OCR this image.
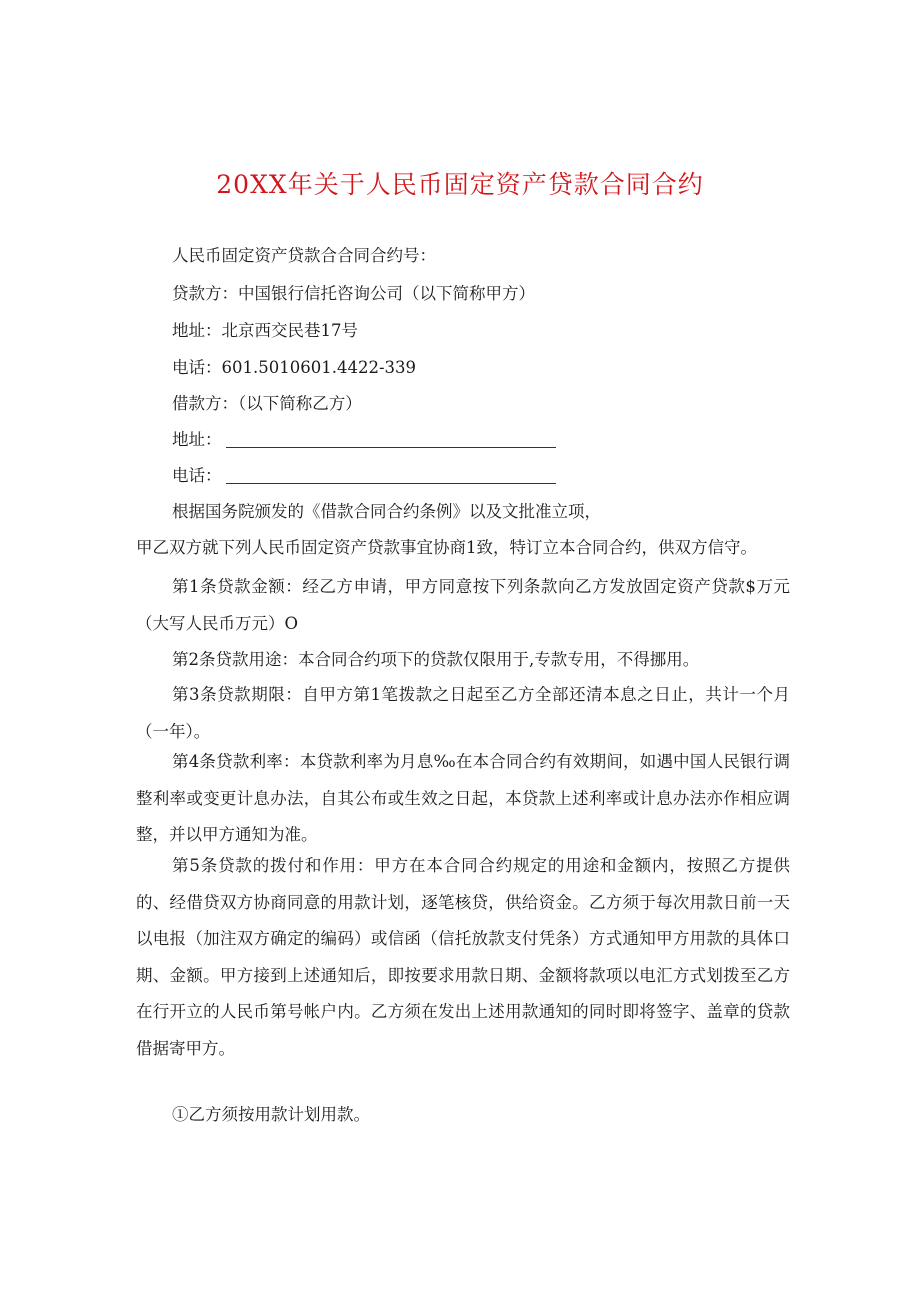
20XX年关于人民币固定资产贷款合同合约
人民币固定资产贷款合合同合约号：
贷款方：中国银行信托咨询公司（以下简称甲方）
地址：北京西交民巷17号
电话：601.5010601.4422-339
借款方：（以下简称乙方）
地址：
电话：
根据国务院颁发的《借款合同合约条例》以及文批准立项，
甲乙双方就下列人民币固定资产贷款事宜协商1致，特订立本合同合约，供双方信守。
第1条贷款金额：经乙方申请，甲方同意按下列条款向乙方发放固定资产贷款$万元（大写人民币万元）O
第2条贷款用途：本合同合约项下的贷款仅限用于,专款专用，不得挪用。
第3条贷款期限：自甲方第1笔拨款之日起至乙方全部还清本息之日止，共计一个月（一年）。
第4条贷款利率：本贷款利率为月息‰在本合同合约有效期间，如遇中国人民银行调整利率或变更计息办法，自其公布或生效之日起，本贷款上述利率或计息办法亦作相应调整，并以甲方通知为准。
第5条贷款的拨付和作用：甲方在本合同合约规定的用途和金额内，按照乙方提供的、经借贷双方协商同意的用款计划，逐笔核贷，供给资金。乙方须于每次用款日前一天以电报（加注双方确定的编码）或信函（信托放款支付凭条）方式通知甲方用款的具体口期、金额。甲方接到上述通知后，即按要求用款日期、金额将款项以电汇方式划拨至乙方在行开立的人民币第号帐户内。乙方须在发出上述用款通知的同时即将签字、盖章的贷款借据寄甲方。
①乙方须按用款计划用款。
